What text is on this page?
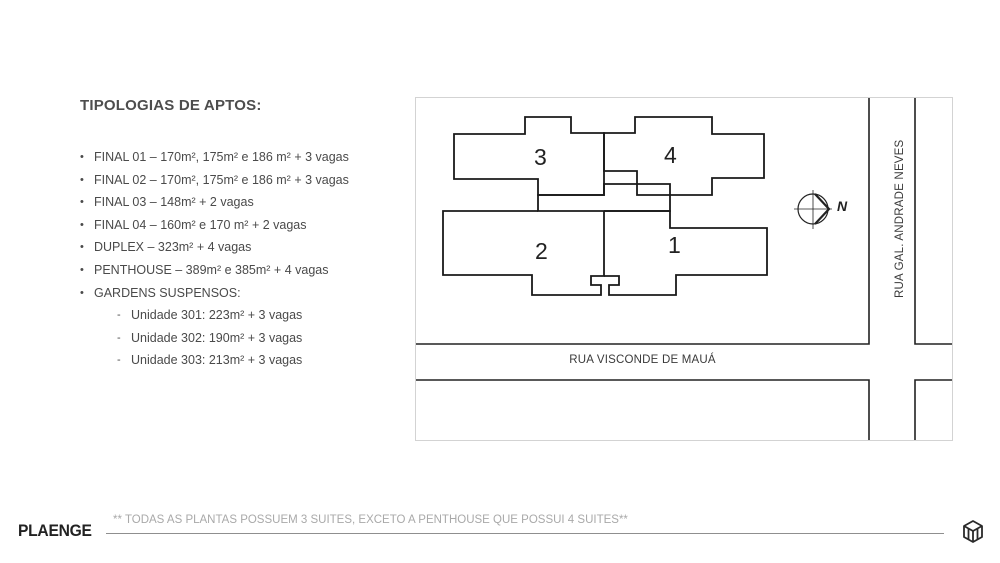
TIPOLOGIAS DE APTOS:
• FINAL 01 – 170m², 175m² e 186 m² + 3 vagas
• FINAL 02 – 170m², 175m² e 186 m² + 3 vagas
• FINAL 03 – 148m² + 2 vagas
• FINAL 04 – 160m² e 170 m² + 2 vagas
• DUPLEX – 323m² + 4 vagas
• PENTHOUSE – 389m² e 385m² + 4 vagas
• GARDENS SUSPENSOS:
- Unidade 301: 223m² + 3 vagas
- Unidade 302: 190m² + 3 vagas
- Unidade 303: 213m² + 3 vagas
3	4
2	1
N
RUA VISCONDE DE MAUÁ
RUA GAL. ANDRADE NEVES
PLAENGE
** TODAS AS PLANTAS POSSUEM 3 SUITES, EXCETO A PENTHOUSE QUE POSSUI 4 SUITES**
